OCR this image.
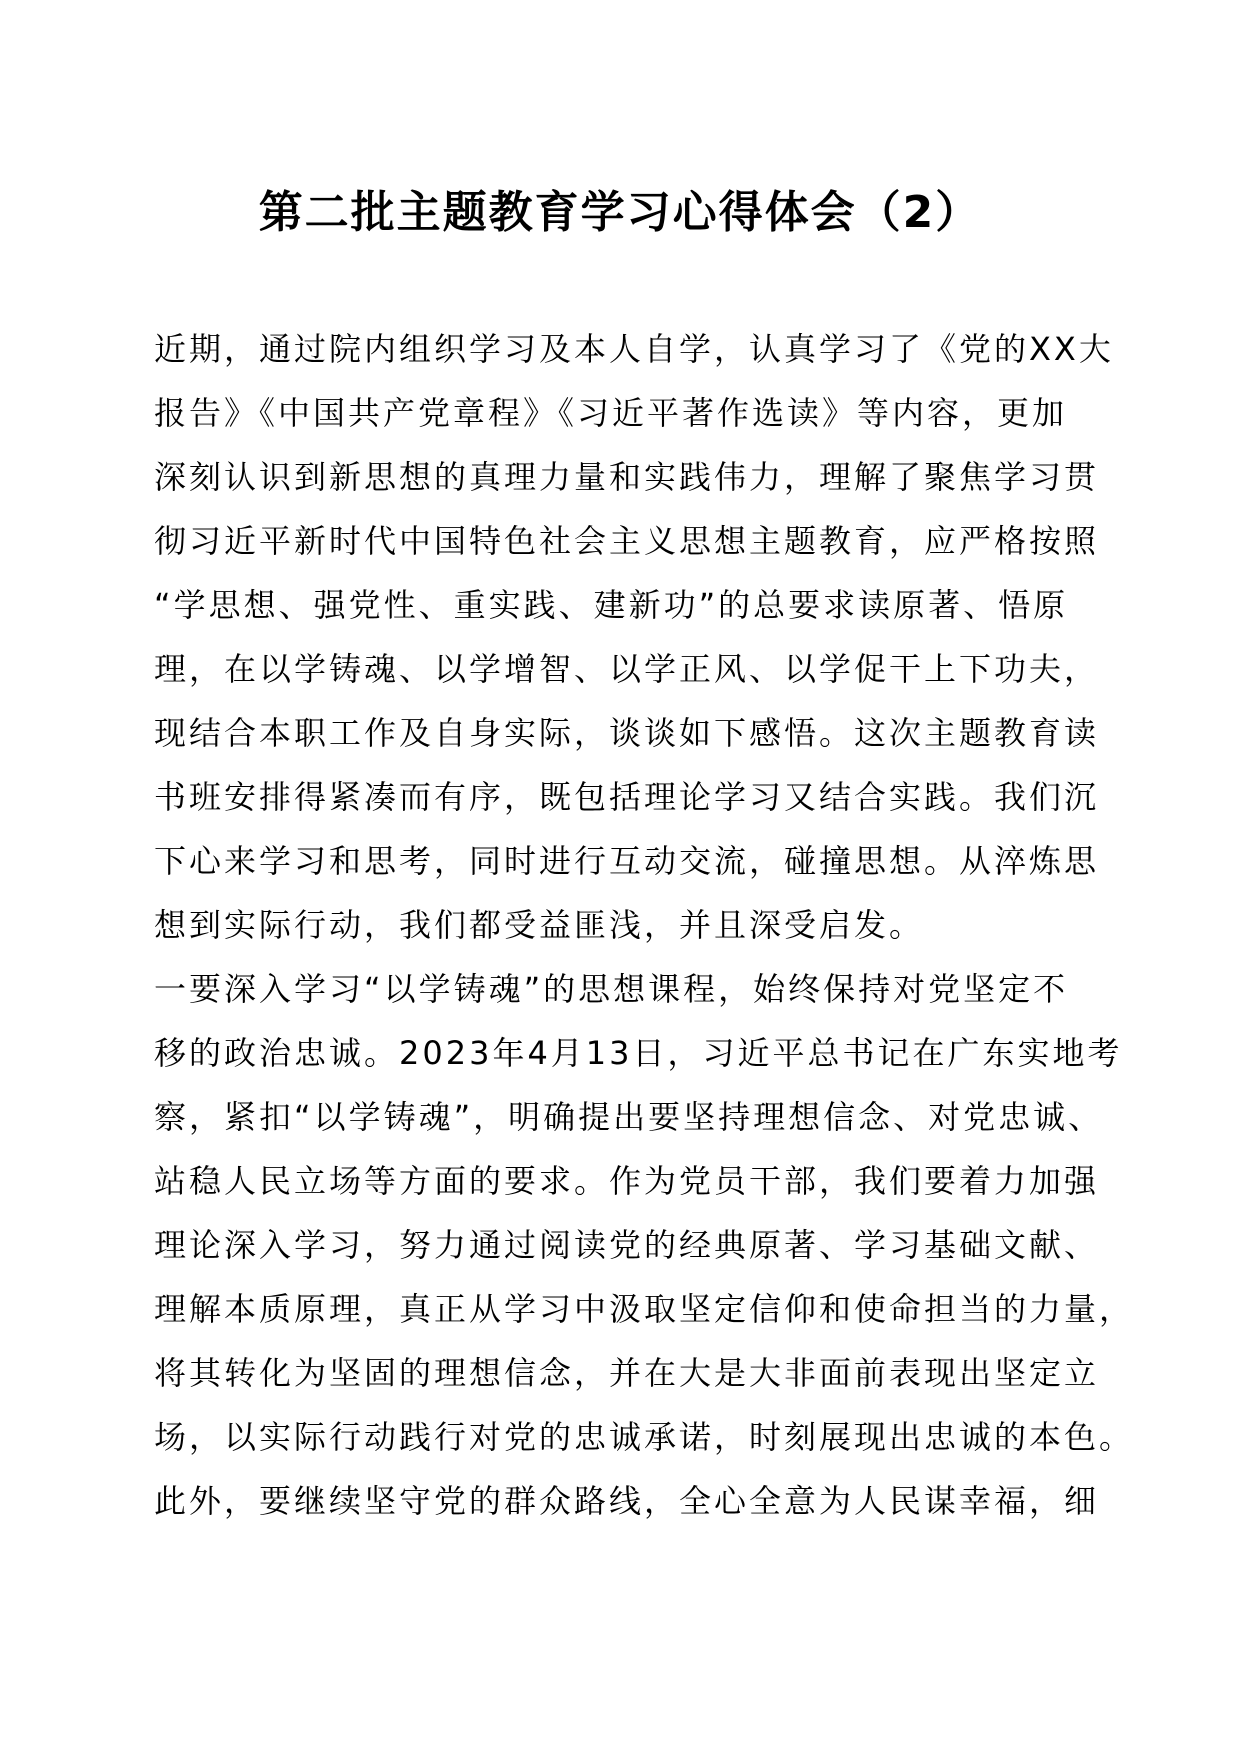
第二批主题教育学习心得体会（2）
近期，通过院内组织学习及本人自学，认真学习了《党的XX大
报告》《中国共产党章程》《习近平著作选读》等内容，更加
深刻认识到新思想的真理力量和实践伟力，理解了聚焦学习贯
彻习近平新时代中国特色社会主义思想主题教育，应严格按照
“学思想、强党性、重实践、建新功”的总要求读原著、悟原
理，在以学铸魂、以学增智、以学正风、以学促干上下功夫，
现结合本职工作及自身实际，谈谈如下感悟。这次主题教育读
书班安排得紧凑而有序，既包括理论学习又结合实践。我们沉
下心来学习和思考，同时进行互动交流，碰撞思想。从淬炼思
想到实际行动，我们都受益匪浅，并且深受启发。
一要深入学习“以学铸魂”的思想课程，始终保持对党坚定不
移的政治忠诚。2023年4月13日，习近平总书记在广东实地考
察，紧扣“以学铸魂”，明确提出要坚持理想信念、对党忠诚、
站稳人民立场等方面的要求。作为党员干部，我们要着力加强
理论深入学习，努力通过阅读党的经典原著、学习基础文献、
理解本质原理，真正从学习中汲取坚定信仰和使命担当的力量，
将其转化为坚固的理想信念，并在大是大非面前表现出坚定立
场，以实际行动践行对党的忠诚承诺，时刻展现出忠诚的本色。
此外，要继续坚守党的群众路线，全心全意为人民谋幸福，细
